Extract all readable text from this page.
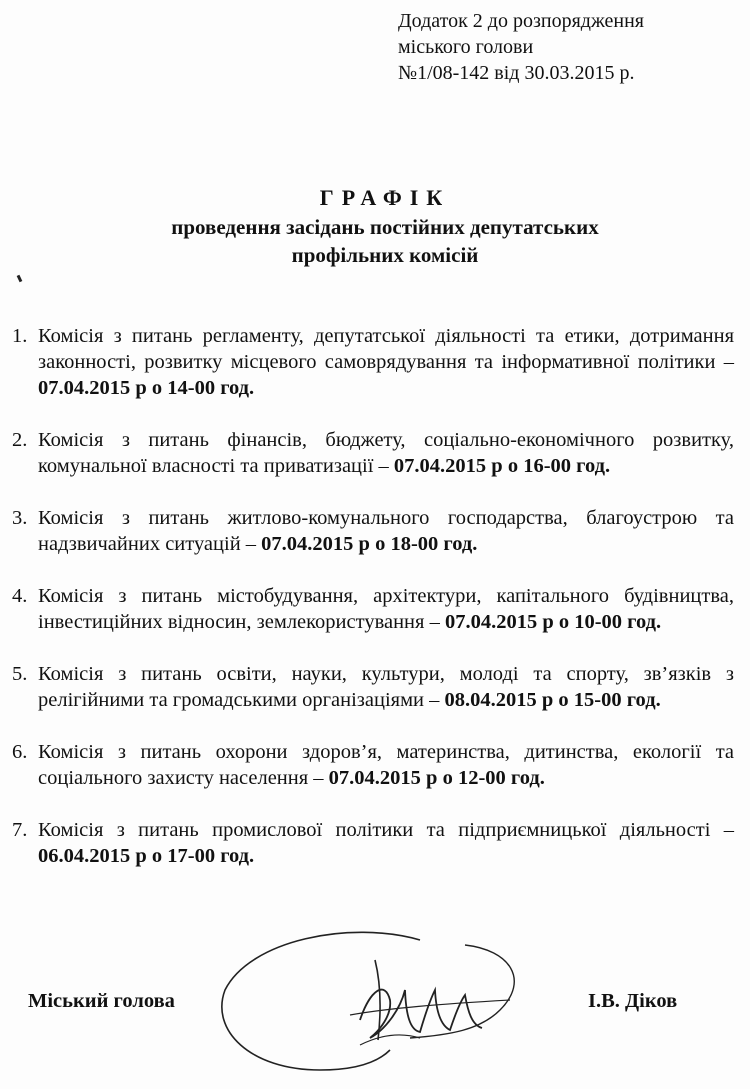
Додаток 2 до розпорядження
міського голови
№1/08-142 від 30.03.2015 р.
ГРАФІК
проведення засідань постійних депутатських
профільних комісій
1. Комісія з питань регламенту, депутатської діяльності та етики, дотримання законності, розвитку місцевого самоврядування та інформативної політики – 07.04.2015 р о 14-00 год.
2. Комісія з питань фінансів, бюджету, соціально-економічного розвитку, комунальної власності та приватизації – 07.04.2015 р о 16-00 год.
3. Комісія з питань житлово-комунального господарства, благоустрою та надзвичайних ситуацій – 07.04.2015 р о 18-00 год.
4. Комісія з питань містобудування, архітектури, капітального будівництва, інвестиційних відносин, землекористування – 07.04.2015 р о 10-00 год.
5. Комісія з питань освіти, науки, культури, молоді та спорту, зв’язків з релігійними та громадськими організаціями – 08.04.2015 р о 15-00 год.
6. Комісія з питань охорони здоров’я, материнства, дитинства, екології та соціального захисту населення – 07.04.2015 р о 12-00 год.
7. Комісія з питань промислової політики та підприємницької діяльності – 06.04.2015 р о 17-00 год.
Міський голова	І.В. Діков
